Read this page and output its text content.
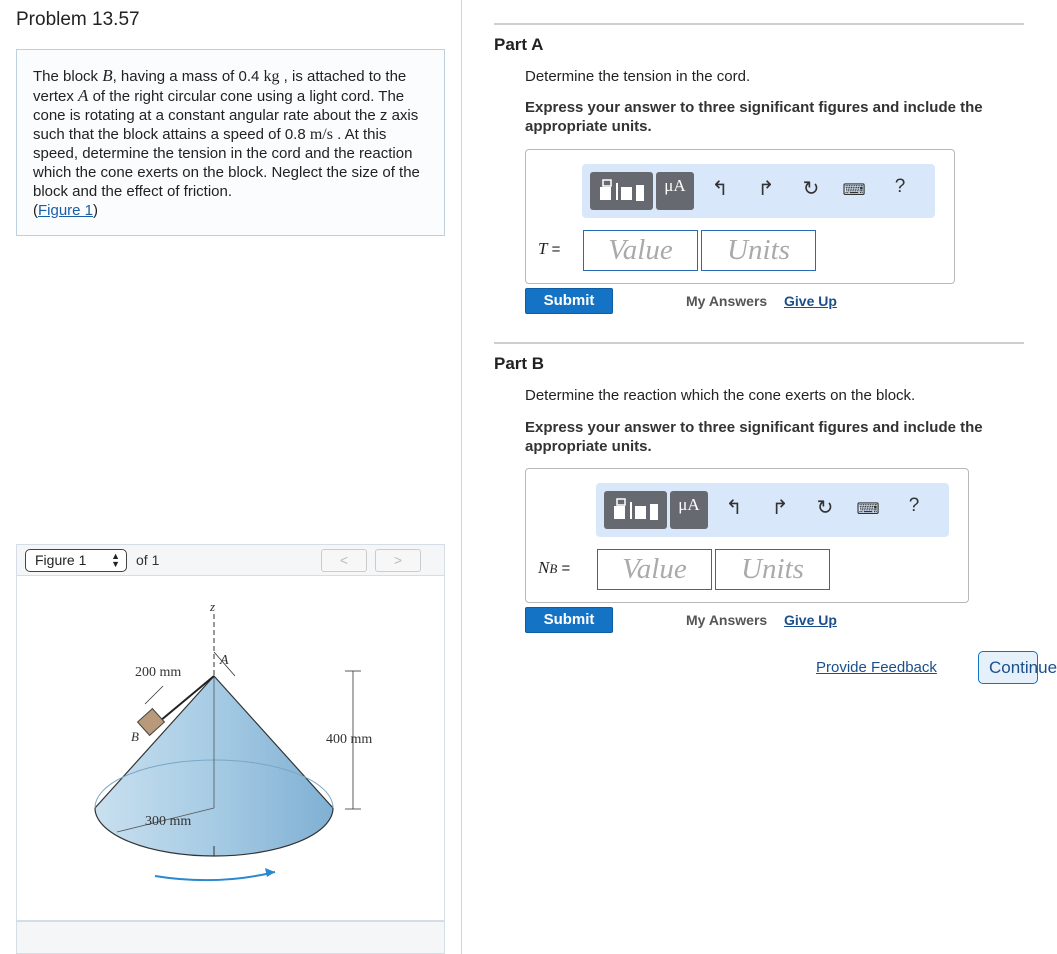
Problem 13.57
The block B, having a mass of 0.4 kg , is attached to the vertex A of the right circular cone using a light cord. The cone is rotating at a constant angular rate about the z axis such that the block attains a speed of 0.8 m/s . At this speed, determine the tension in the cord and the reaction which the cone exerts on the block. Neglect the size of the block and the effect of friction.
(Figure 1)
Figure 1	▲
▼ of 1	<	>
z
A
B
200 mm
400 mm
300 mm
Part A
Determine the tension in the cord.
Express your answer to three significant figures and include the appropriate units.
μA	↰ ↱ ↻ ⌨	?
T =	Value	Units
Submit	My Answers Give Up
Part B
Determine the reaction which the cone exerts on the block.
Express your answer to three significant figures and include the appropriate units.
μA	↰ ↱ ↻ ⌨	?
NB =	Value	Units
Submit	My Answers Give Up
Provide Feedback	Continue
